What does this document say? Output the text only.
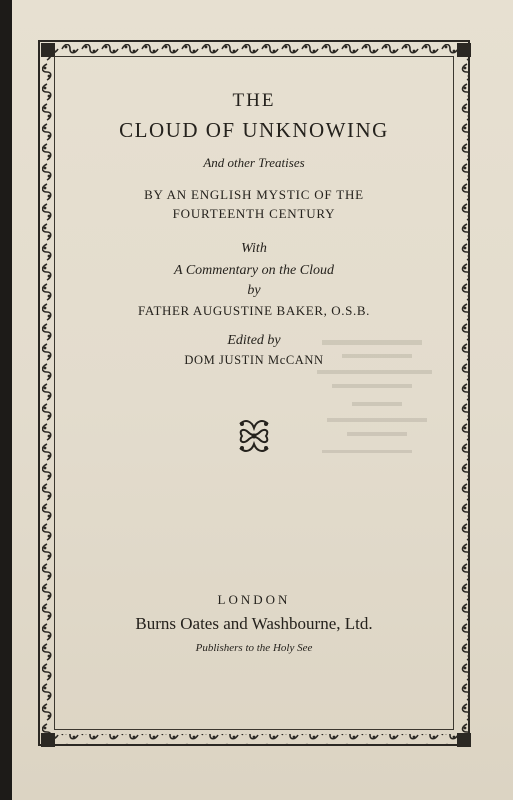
THE
CLOUD OF UNKNOWING
And other Treatises
BY AN ENGLISH MYSTIC OF THE
FOURTEENTH CENTURY
With
A Commentary on the Cloud
by
FATHER AUGUSTINE BAKER, O.S.B.
Edited by
DOM JUSTIN McCANN
LONDON
Burns Oates and Washbourne, Ltd.
Publishers to the Holy See
